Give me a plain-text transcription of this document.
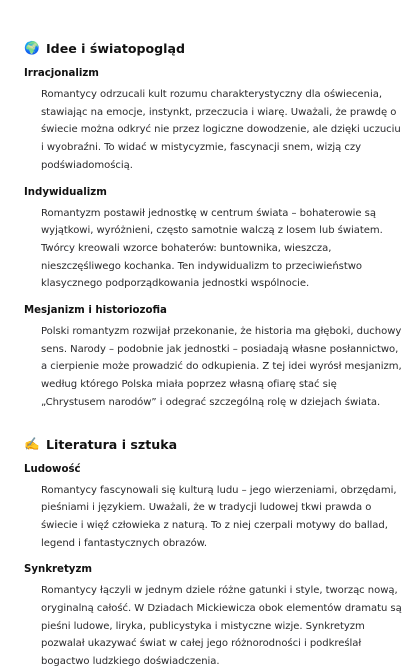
🌍 Idee i światopogląd
Irracjonalizm

Romantycy odrzucali kult rozumu charakterystyczny dla oświecenia, stawiając na emocje, instynkt, przeczucia i wiarę. Uważali, że prawdę o świecie można odkryć nie przez logiczne dowodzenie, ale dzięki uczuciu i wyobraźni. To widać w mistycyzmie, fascynacji snem, wizją czy podświadomością.

Indywidualizm

Romantyzm postawił jednostkę w centrum świata – bohaterowie są wyjątkowi, wyróżnieni, często samotnie walczą z losem lub światem. Twórcy kreowali wzorce bohaterów: buntownika, wieszcza, nieszczęśliwego kochanka. Ten indywidualizm to przeciwieństwo klasycznego podporządkowania jednostki wspólnocie.

Mesjanizm i historiozofia

Polski romantyzm rozwijał przekonanie, że historia ma głęboki, duchowy sens. Narody – podobnie jak jednostki – posiadają własne posłannictwo, a cierpienie może prowadzić do odkupienia. Z tej idei wyrósł mesjanizm, według którego Polska miała poprzez własną ofiarę stać się „Chrystusem narodów” i odegrać szczególną rolę w dziejach świata.

✍️ Literatura i sztuka
Ludowość

Romantycy fascynowali się kulturą ludu – jego wierzeniami, obrzędami, pieśniami i językiem. Uważali, że w tradycji ludowej tkwi prawda o świecie i więź człowieka z naturą. To z niej czerpali motywy do ballad, legend i fantastycznych obrazów.

Synkretyzm

Romantycy łączyli w jednym dziele różne gatunki i style, tworząc nową, oryginalną całość. W Dziadach Mickiewicza obok elementów dramatu są pieśni ludowe, liryka, publicystyka i mistyczne wizje. Synkretyzm pozwalał ukazywać świat w całej jego różnorodności i podkreślał bogactwo ludzkiego doświadczenia.
